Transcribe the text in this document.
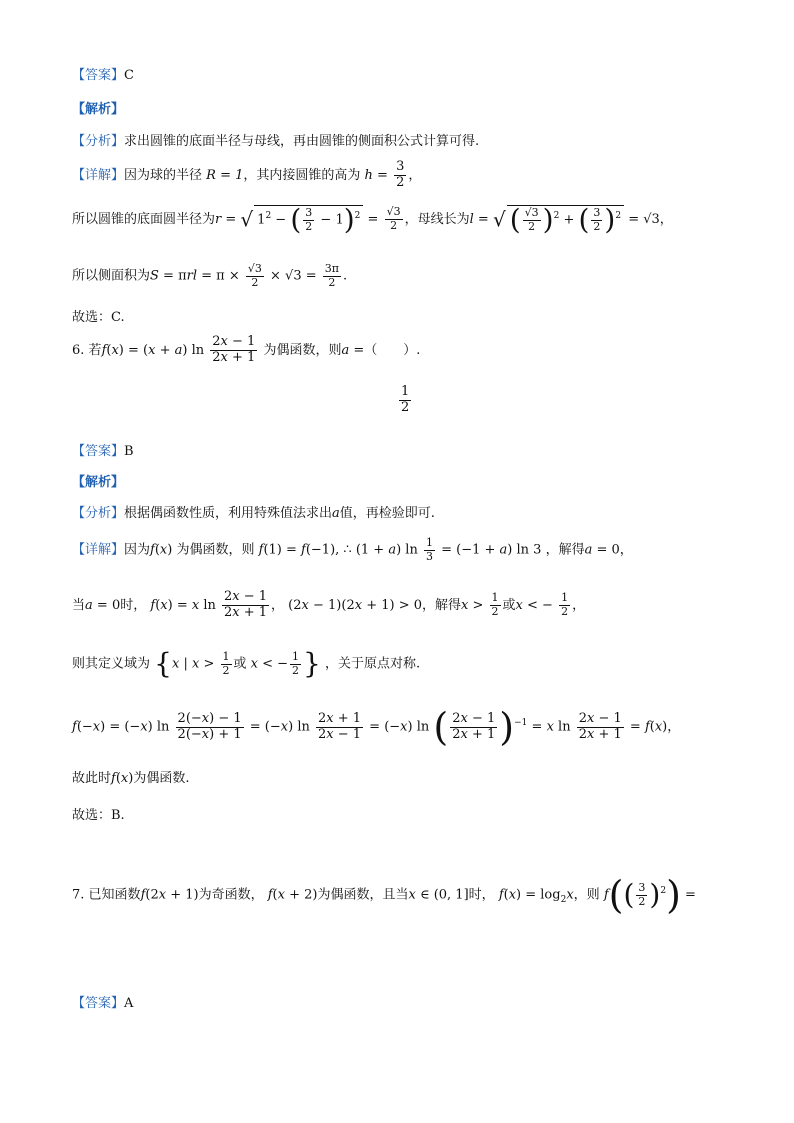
【答案】C
【解析】
【分析】求出圆锥的底面半径与母线，再由圆锥的侧面积公式计算可得.
【详解】因为球的半径 R = 1，其内接圆锥的高为 $h = \frac{3}{2}$ ，
所以圆锥的底面圆半径为r = √ $1^2$ − ( $\frac{3}{2} - 1)^2 = \frac{√3}{2}$ ，母线长为l = √ ( $\frac{√3}{2} )^2$ + ( $\frac{3}{2} )^2 = √3$，
所以侧面积为$S = \pi rl = \pi \times \frac{√3}{2} \times √3 = \frac{3\pi}{2}$ .
故选：C.
6. 若f(x) = (x + a) $\ln \frac{2x - 1}{2x + 1}$ 为偶函数，则a =（　　）.
$\frac{1}{2}$
【答案】B
【解析】
【分析】根据偶函数性质，利用特殊值法求出a值，再检验即可.
【详解】因为f(x) 为偶函数，则 f(1) = f(−1), ∴ (1 + a) $\ln \frac{1}{3} = (-1 + a)$ ln 3 ，解得a = 0，
当a = 0时， f(x) = x $\ln \frac{2x - 1}{2x + 1}$ ， (2x − 1)(2x + 1) > 0，解得$x > \frac{1}{2}$ 或x < − $\frac{1}{2}$ ，
则其定义域为 {x | $x > \frac{1}{2}$ 或 x < − $\frac{1}{2}$ } ，关于原点对称.
f(−x) = (−x) $\ln \frac{2(-x) - 1}{2(-x) + 1} = (-x)$ $\ln \frac{2x + 1}{2x - 1} = (-x)$ ln ( $\frac{2x - 1}{2x + 1} )^{-1} = x$ $\ln \frac{2x - 1}{2x + 1} = f(x)$，
故此时f(x)为偶函数.
故选：B.
7. 已知函数f(2x + 1)为奇函数， f(x + 2)为偶函数，且当x ∈ (0, 1]时， $f(x) = \log_2x$，则 $f(( \frac{3}{2} )^2)$ =
【答案】A
